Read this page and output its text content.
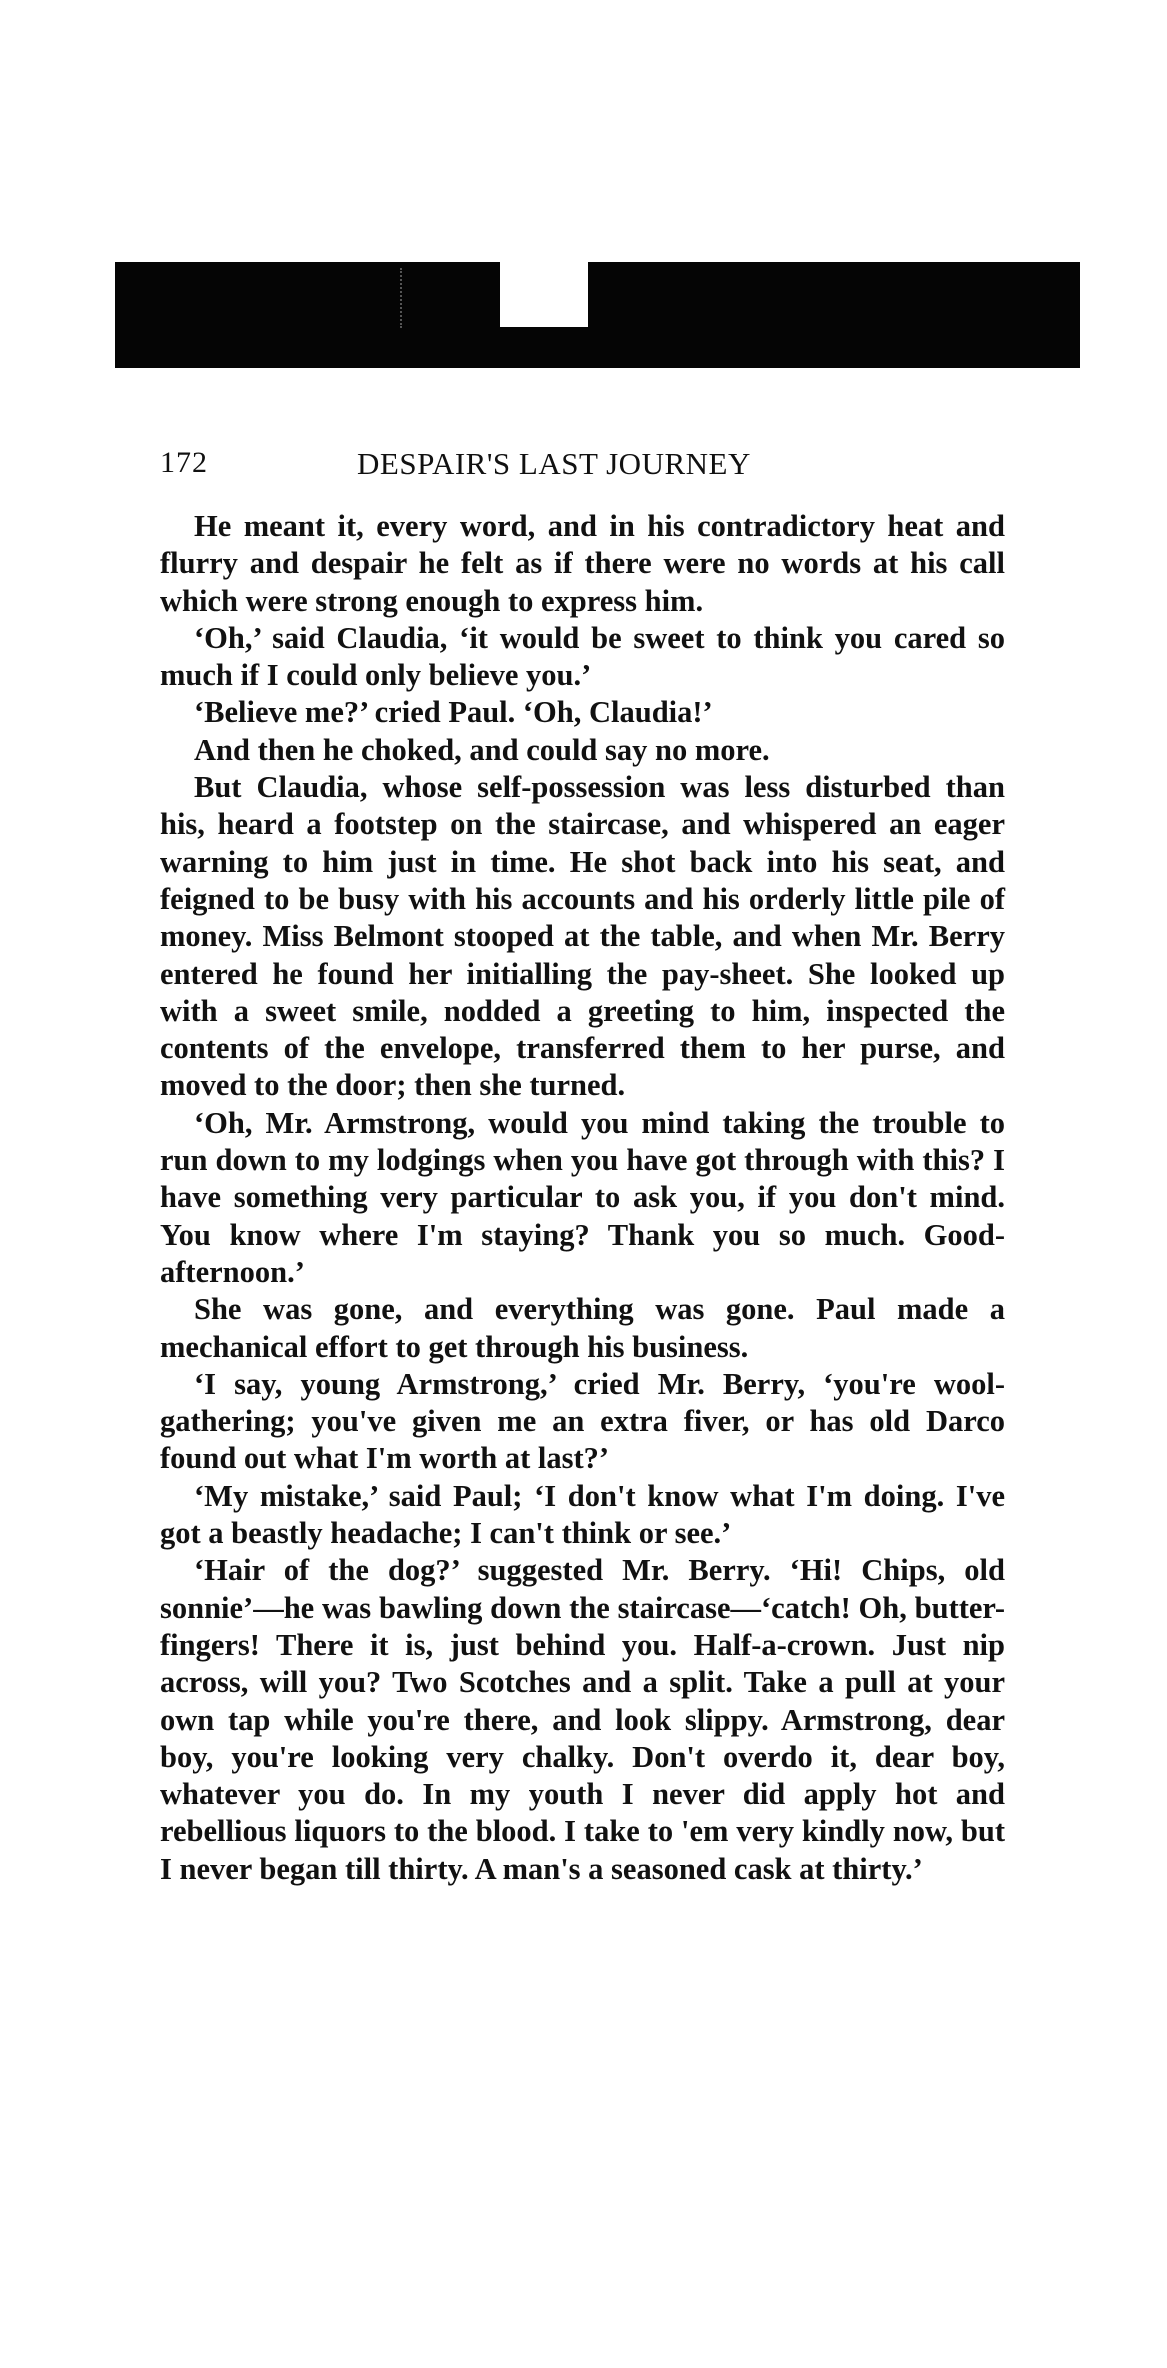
172	DESPAIR'S LAST JOURNEY

He meant it, every word, and in his contradictory heat and flurry and despair he felt as if there were no words at his call which were strong enough to express him.

‘Oh,’ said Claudia, ‘it would be sweet to think you cared so much if I could only believe you.’

‘Believe me?’ cried Paul. ‘Oh, Claudia!’

And then he choked, and could say no more.

But Claudia, whose self-possession was less disturbed than his, heard a footstep on the staircase, and whispered an eager warning to him just in time. He shot back into his seat, and feigned to be busy with his accounts and his orderly little pile of money. Miss Belmont stooped at the table, and when Mr. Berry entered he found her initialling the pay-sheet. She looked up with a sweet smile, nodded a greeting to him, inspected the contents of the envelope, transferred them to her purse, and moved to the door; then she turned.

‘Oh, Mr. Armstrong, would you mind taking the trouble to run down to my lodgings when you have got through with this? I have something very particular to ask you, if you don't mind. You know where I'm staying? Thank you so much. Good-afternoon.’

She was gone, and everything was gone. Paul made a mechanical effort to get through his business.

‘I say, young Armstrong,’ cried Mr. Berry, ‘you're wool-gathering; you've given me an extra fiver, or has old Darco found out what I'm worth at last?’

‘My mistake,’ said Paul; ‘I don't know what I'm doing. I've got a beastly headache; I can't think or see.’

‘Hair of the dog?’ suggested Mr. Berry. ‘Hi! Chips, old sonnie’—he was bawling down the staircase—‘catch! Oh, butter-fingers! There it is, just behind you. Half-a-crown. Just nip across, will you? Two Scotches and a split. Take a pull at your own tap while you're there, and look slippy. Armstrong, dear boy, you're looking very chalky. Don't overdo it, dear boy, whatever you do. In my youth I never did apply hot and rebellious liquors to the blood. I take to 'em very kindly now, but I never began till thirty. A man's a seasoned cask at thirty.’
